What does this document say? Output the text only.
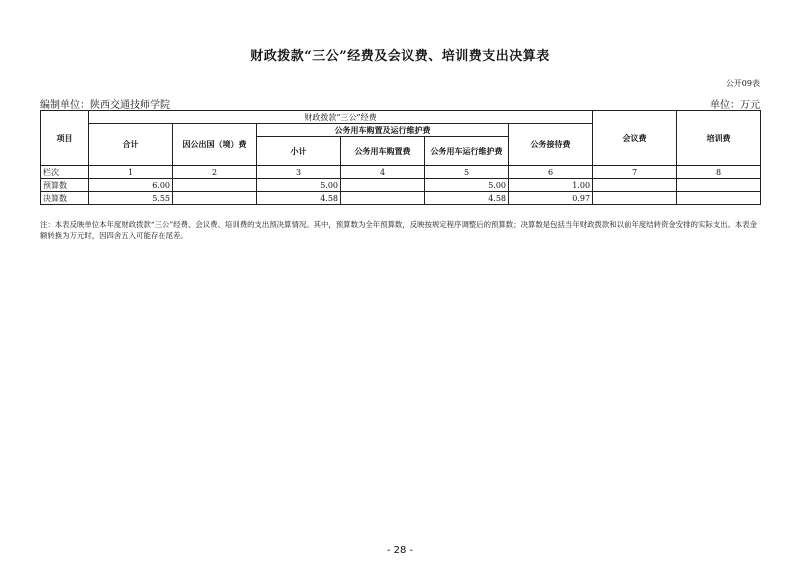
财政拨款“三公”经费及会议费、培训费支出决算表
公开09表
编制单位：陕西交通技师学院	单位：万元
项目	财政拨款“三公”经费						会议费	培训费
	合计	因公出国（境）费	公务用车购置及运行维护费			公务接待费		
			小计	公务用车购置费	公务用车运行维护费			
栏次	1	2	3	4	5	6	7	8
预算数	6.00		5.00		5.00	1.00		
决算数	5.55		4.58		4.58	0.97		
注：本表反映单位本年度财政拨款“三公”经费、会议费、培训费的支出预决算情况。其中，预算数为全年预算数，反映按规定程序调整后的预算数；决算数是包括当年财政拨款和以前年度结转资金安排的实际支出。本表金额转换为万元时，因四舍五入可能存在尾差。
- 28 -
